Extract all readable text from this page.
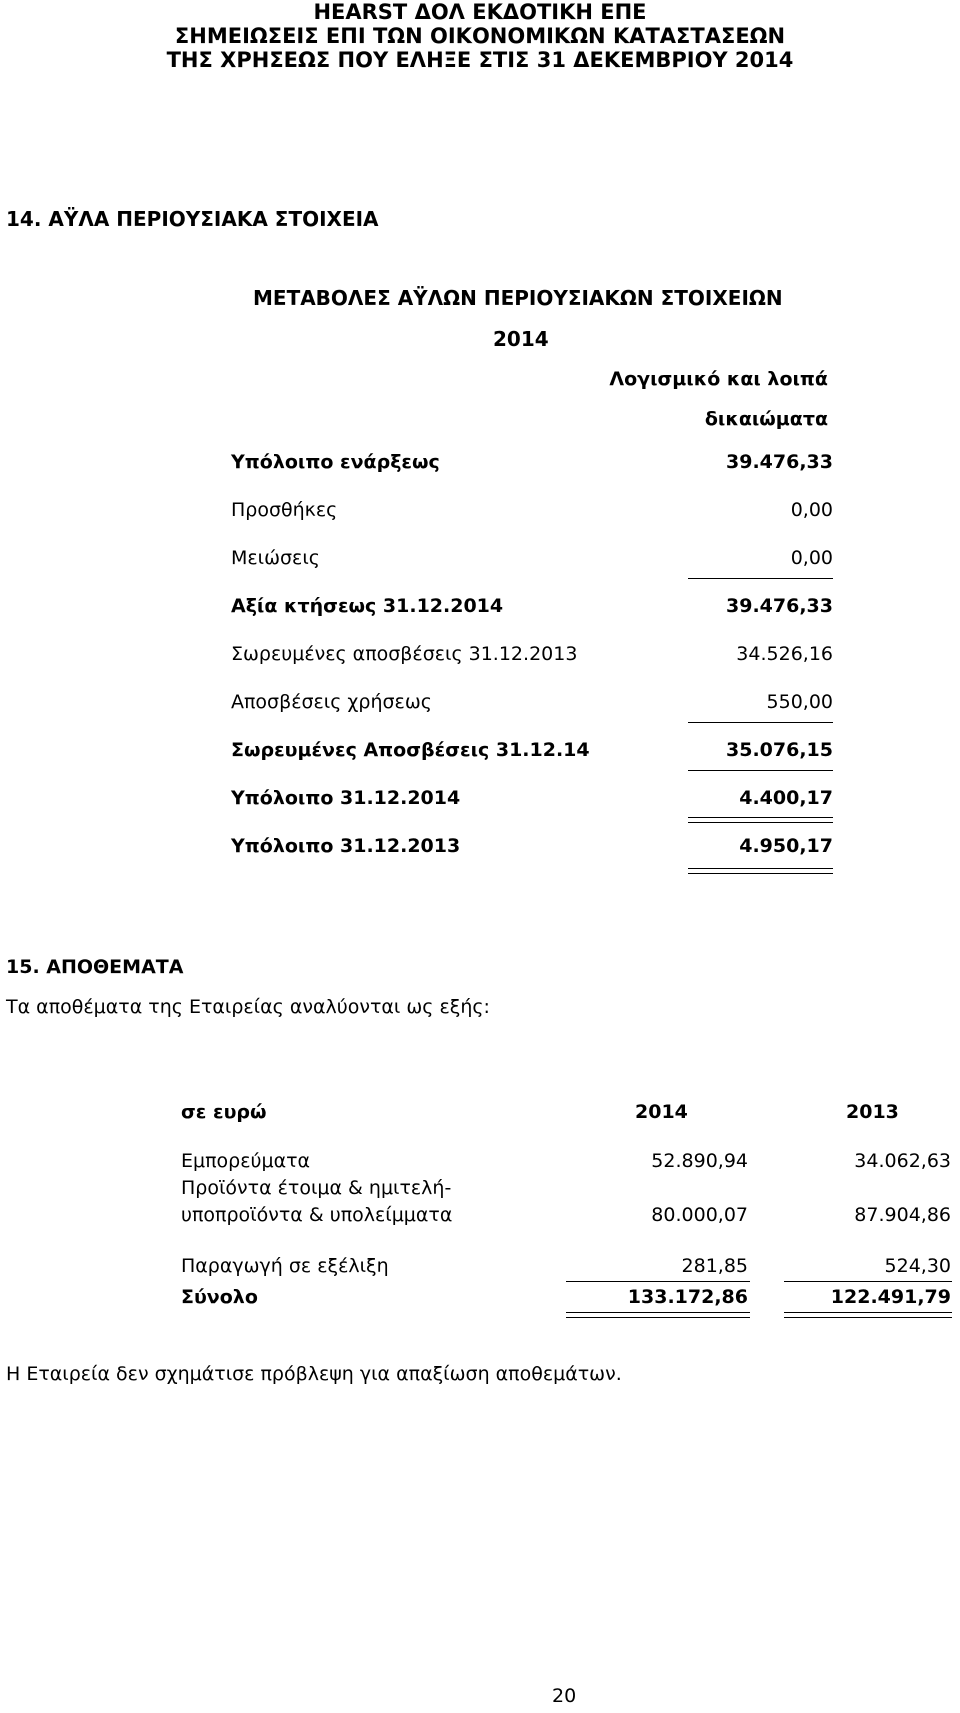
HEARST ΔΟΛ ΕΚΔΟΤΙΚΗ ΕΠΕ
ΣΗΜΕΙΩΣΕΙΣ ΕΠΙ ΤΩΝ ΟΙΚΟΝΟΜΙΚΩΝ ΚΑΤΑΣΤΑΣΕΩΝ
ΤΗΣ ΧΡΗΣΕΩΣ ΠΟΥ ΕΛΗΞΕ ΣΤΙΣ 31 ΔΕΚΕΜΒΡΙΟΥ 2014
14. ΑΫΛΑ ΠΕΡΙΟΥΣΙΑΚΑ ΣΤΟΙΧΕΙΑ
ΜΕΤΑΒΟΛΕΣ ΑΫΛΩΝ ΠΕΡΙΟΥΣΙΑΚΩΝ ΣΤΟΙΧΕΙΩΝ
2014
Λογισμικό και λοιπά
δικαιώματα
Υπόλοιπο ενάρξεως	39.476,33
Προσθήκες	0,00
Μειώσεις	0,00
Αξία κτήσεως 31.12.2014	39.476,33
Σωρευμένες αποσβέσεις 31.12.2013	34.526,16
Αποσβέσεις χρήσεως	550,00
Σωρευμένες Αποσβέσεις 31.12.14	35.076,15
Υπόλοιπο 31.12.2014	4.400,17
Υπόλοιπο 31.12.2013	4.950,17
15. ΑΠΟΘΕΜΑΤΑ
Τα αποθέματα της Εταιρείας αναλύονται ως εξής:
σε ευρώ	2014	2013
Εμπορεύματα	52.890,94	34.062,63
Προϊόντα έτοιμα & ημιτελή-
υποπροϊόντα & υπολείμματα	80.000,07	87.904,86
Παραγωγή σε εξέλιξη	281,85	524,30
Σύνολο	133.172,86	122.491,79
Η Εταιρεία δεν σχημάτισε πρόβλεψη για απαξίωση αποθεμάτων.
20
